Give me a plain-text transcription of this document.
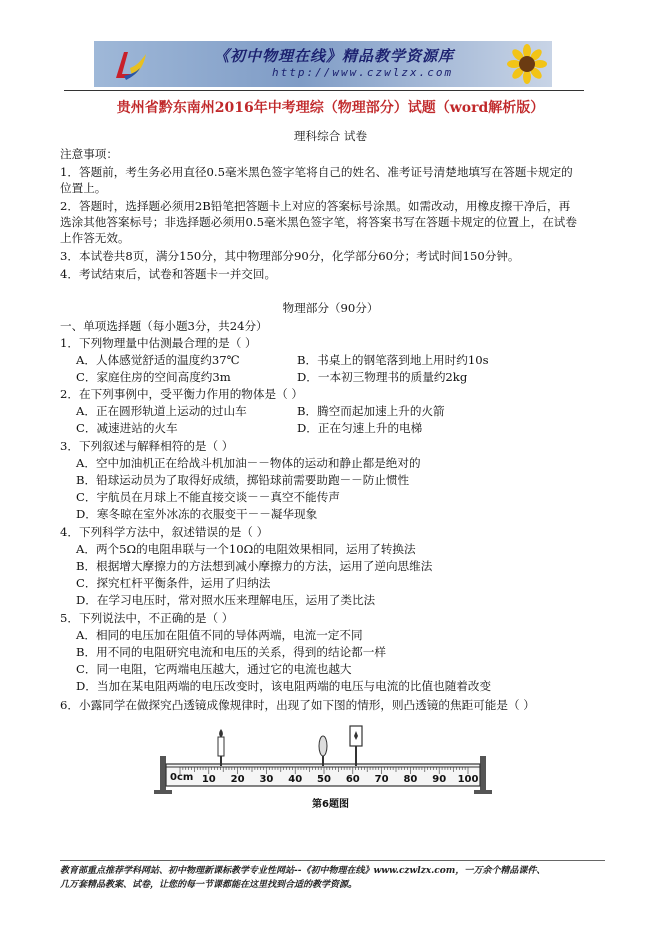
《初中物理在线》精品教学资源库
http://www.czwlzx.com
贵州省黔东南州2016年中考理综（物理部分）试题（word解析版）
理科综合 试卷
注意事项：
1．答题前，考生务必用直径0.5毫米黑色签字笔将自己的姓名、准考证号清楚地填写在答题卡规定的
位置上。
2．答题时，选择题必须用2B铅笔把答题卡上对应的答案标号涂黑。如需改动，用橡皮擦干净后，再
选涂其他答案标号；非选择题必须用0.5毫米黑色签字笔，将答案书写在答题卡规定的位置上，在试卷
上作答无效。
3．本试卷共8页，满分150分，其中物理部分90分，化学部分60分；考试时间150分钟。
4．考试结束后，试卷和答题卡一并交回。
物理部分（90分）
一、单项选择题（每小题3分，共24分）
1．下列物理量中估测最合理的是（ ）
A．人体感觉舒适的温度约37℃	B．书桌上的钢笔落到地上用时约10s
C．家庭住房的空间高度约3m	D．一本初三物理书的质量约2kg
2．在下列事例中，受平衡力作用的物体是（ ）
A．正在圆形轨道上运动的过山车	B．腾空而起加速上升的火箭
C．减速进站的火车	D．正在匀速上升的电梯
3．下列叙述与解释相符的是（ ）
A．空中加油机正在给战斗机加油－－物体的运动和静止都是绝对的
B．铅球运动员为了取得好成绩，掷铅球前需要助跑－－防止惯性
C．宇航员在月球上不能直接交谈－－真空不能传声
D．寒冬晾在室外冰冻的衣服变干－－凝华现象
4．下列科学方法中，叙述错误的是（ ）
A．两个5Ω的电阻串联与一个10Ω的电阻效果相同，运用了转换法
B．根据增大摩擦力的方法想到减小摩擦力的方法，运用了逆向思维法
C．探究杠杆平衡条件，运用了归纳法
D．在学习电压时，常对照水压来理解电压，运用了类比法
5．下列说法中，不正确的是（ ）
A．相同的电压加在阻值不同的导体两端，电流一定不同
B．用不同的电阻研究电流和电压的关系，得到的结论都一样
C．同一电阻，它两端电压越大，通过它的电流也越大
D．当加在某电阻两端的电压改变时，该电阻两端的电压与电流的比值也随着改变
6．小露同学在做探究凸透镜成像规律时，出现了如下图的情形，则凸透镜的焦距可能是（ ）
10 20 30 40 50 60 70 80 90 100
0cm
第6题图
教育部重点推荐学科网站、初中物理新课标教学专业性网站--《初中物理在线》www.czwlzx.com，一万余个精品课件、
几万套精品教案、试卷，让您的每一节课都能在这里找到合适的教学资源。
